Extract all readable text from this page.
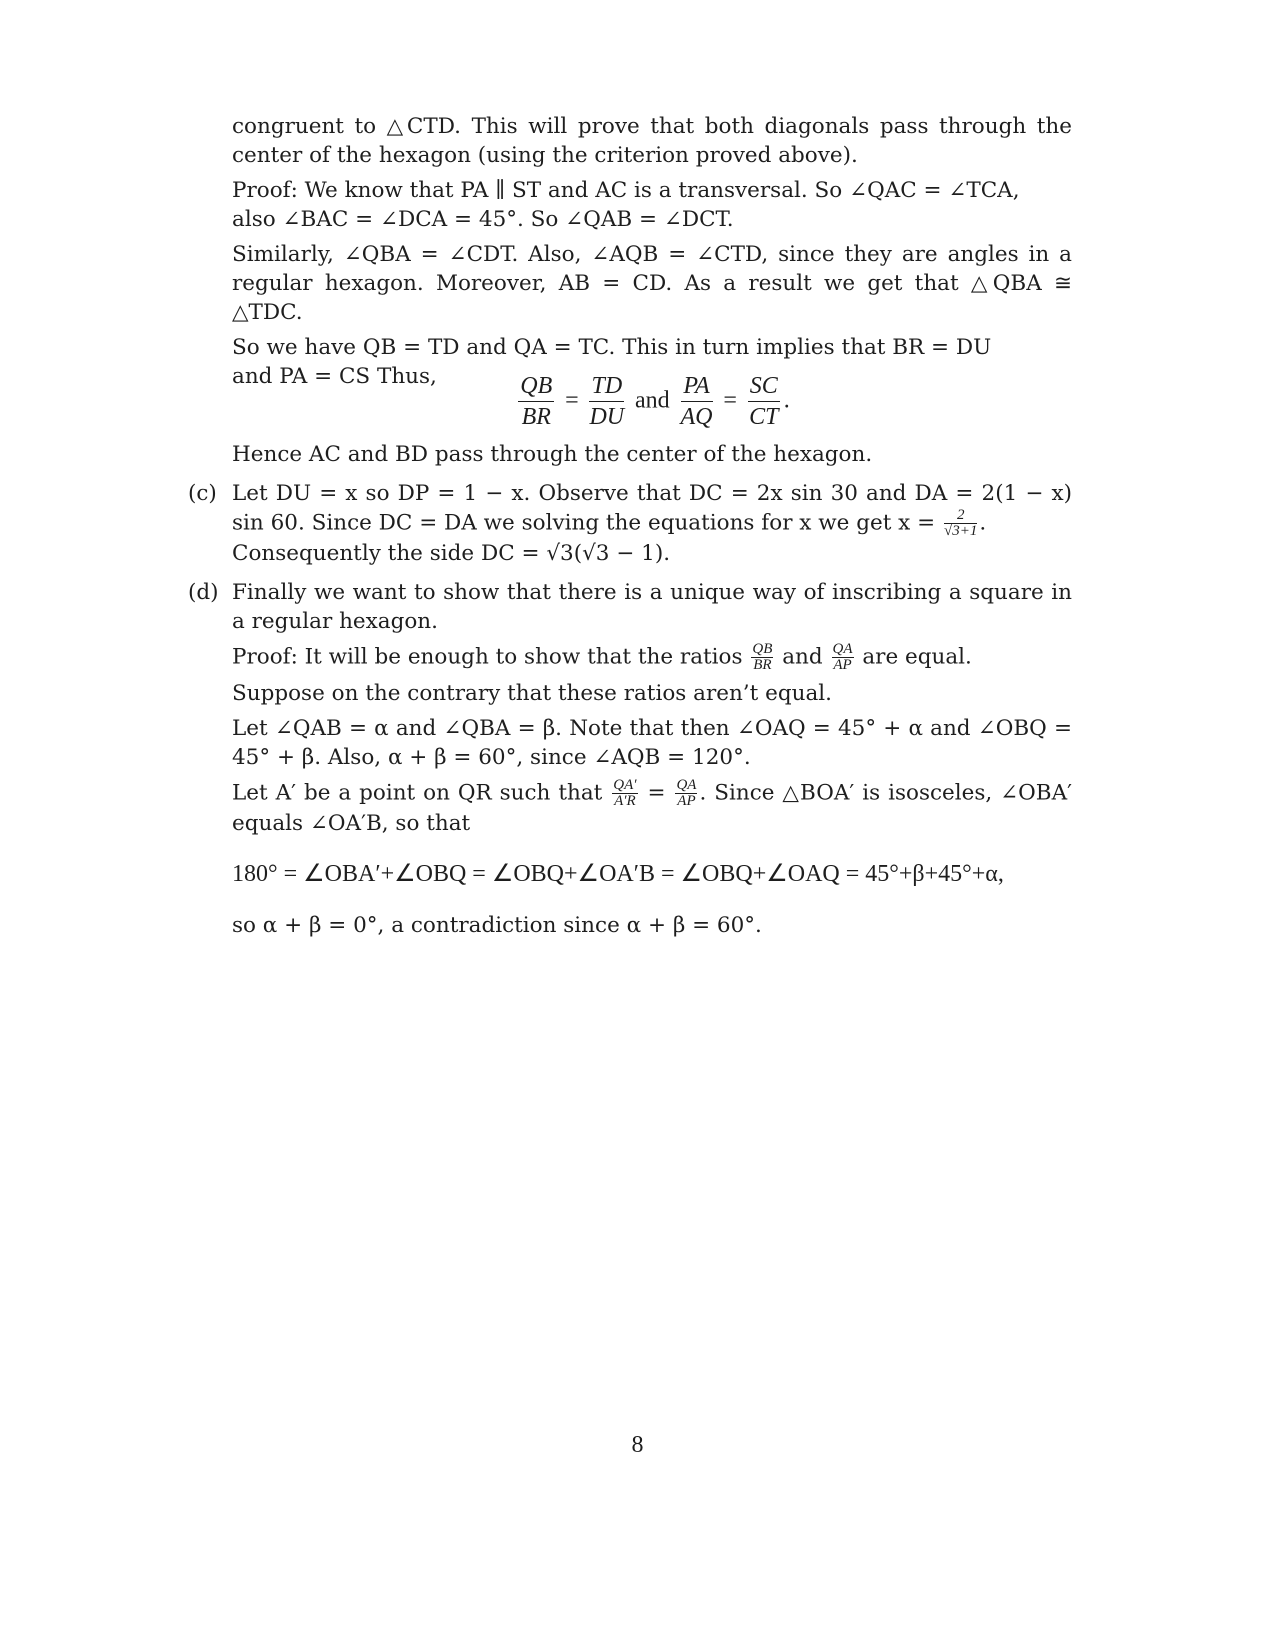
congruent to △CTD. This will prove that both diagonals pass through the center of the hexagon (using the criterion proved above).

Proof: We know that PA ∥ ST and AC is a transversal. So ∠QAC = ∠TCA,
also ∠BAC = ∠DCA = 45°. So ∠QAB = ∠DCT.

Similarly, ∠QBA = ∠CDT. Also, ∠AQB = ∠CTD, since they are angles in a regular hexagon. Moreover, AB = CD. As a result we get that △QBA ≅ △TDC.

So we have QB = TD and QA = TC. This in turn implies that BR = DU
and PA = CS Thus,	$\frac{QB}{BR} = \frac{TD}{DU}$ and $\frac{PA}{AQ} = \frac{SC}{CT}$ .

Hence AC and BD pass through the center of the hexagon.

(c) Let DU = x so DP = 1 − x. Observe that DC = 2x sin 30 and DA = 2(1 − x) sin 60. Since DC = DA we solving the equations for x we get $x = \frac{2}{√3+1}$ .

Consequently the side DC = √3(√3 − 1).

(d) Finally we want to show that there is a unique way of inscribing a square in a regular hexagon.

Proof: It will be enough to show that the ratios $\frac{QB}{BR}$ and $\frac{QA}{AP}$ are equal.

Suppose on the contrary that these ratios aren’t equal.

Let ∠QAB = α and ∠QBA = β. Note that then ∠OAQ = 45° + α and ∠OBQ = 45° + β. Also, α + β = 60°, since ∠AQB = 120°.

Let A′ be a point on QR such that $\frac{QA'}{A'R} = \frac{QA}{AP}$ . Since △BOA′ is isosceles, ∠OBA′ equals ∠OA′B, so that

180° = ∠OBA′+∠OBQ = ∠OBQ+∠OA′B = ∠OBQ+∠OAQ = 45°+β+45°+α,

so α + β = 0°, a contradiction since α + β = 60°.

8
